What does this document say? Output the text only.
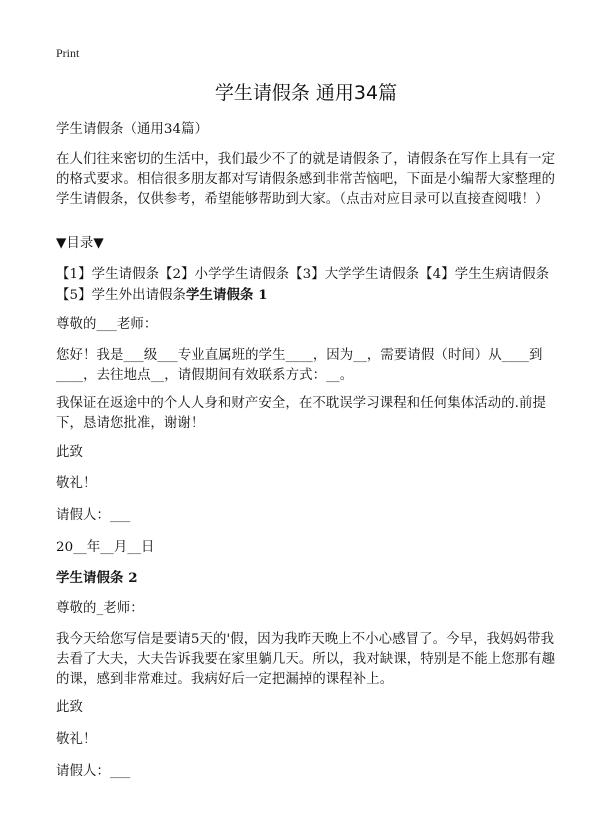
Print
学生请假条 通用34篇
学生请假条（通用34篇）
在人们往来密切的生活中，我们最少不了的就是请假条了，请假条在写作上具有一定的格式要求。相信很多朋友都对写请假条感到非常苦恼吧，下面是小编帮大家整理的学生请假条，仅供参考，希望能够帮助到大家。（点击对应目录可以直接查阅哦！）
▼目录▼
【1】学生请假条【2】小学学生请假条【3】大学学生请假条【4】学生生病请假条
【5】学生外出请假条学生请假条 1
尊敬的___老师：
您好！我是___级___专业直属班的学生____，因为__，需要请假（时间）从____到____，去往地点__，请假期间有效联系方式：__。
我保证在返途中的个人人身和财产安全，在不耽误学习课程和任何集体活动的.前提下，恳请您批准，谢谢！
此致
敬礼！
请假人：___
20__年__月__日
学生请假条 2
尊敬的_老师：
我今天给您写信是要请5天的'假，因为我昨天晚上不小心感冒了。今早，我妈妈带我去看了大夫，大夫告诉我要在家里躺几天。所以，我对缺课，特别是不能上您那有趣的课，感到非常难过。我病好后一定把漏掉的课程补上。
此致
敬礼！
请假人：___
